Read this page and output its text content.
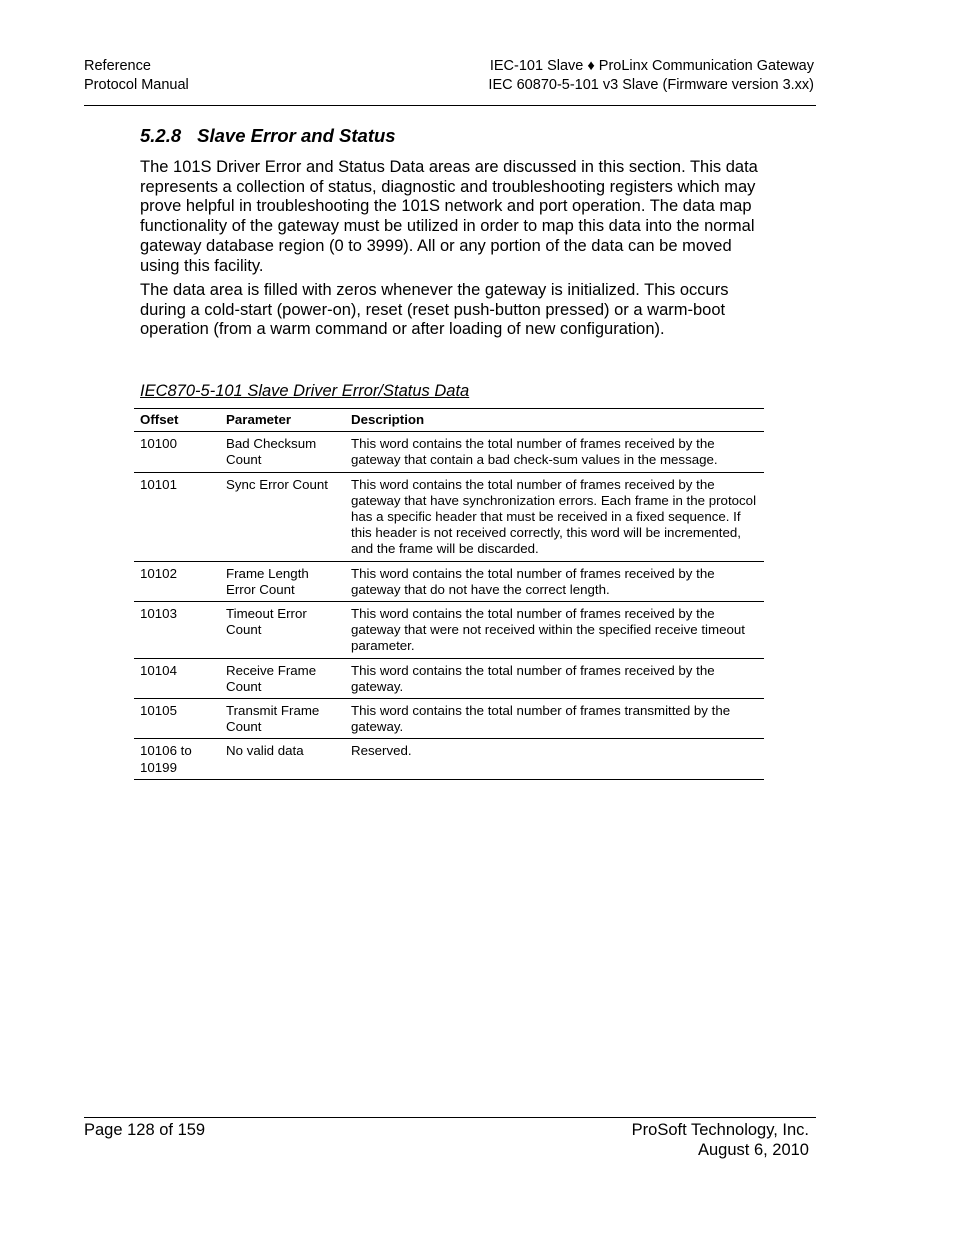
Reference
Protocol Manual
IEC-101 Slave ♦ ProLinx Communication Gateway
IEC 60870-5-101 v3 Slave (Firmware version 3.xx)
5.2.8 Slave Error and Status

The 101S Driver Error and Status Data areas are discussed in this section. This data represents a collection of status, diagnostic and troubleshooting registers which may prove helpful in troubleshooting the 101S network and port operation. The data map functionality of the gateway must be utilized in order to map this data into the normal gateway database region (0 to 3999). All or any portion of the data can be moved using this facility.

The data area is filled with zeros whenever the gateway is initialized. This occurs during a cold-start (power-on), reset (reset push-button pressed) or a warm-boot operation (from a warm command or after loading of new configuration).

IEC870-5-101 Slave Driver Error/Status Data

Offset	Parameter	Description
10100	Bad Checksum Count	This word contains the total number of frames received by the gateway that contain a bad check-sum values in the message.
10101	Sync Error Count	This word contains the total number of frames received by the gateway that have synchronization errors. Each frame in the protocol has a specific header that must be received in a fixed sequence. If this header is not received correctly, this word will be incremented, and the frame will be discarded.
10102	Frame Length Error Count	This word contains the total number of frames received by the gateway that do not have the correct length.
10103	Timeout Error Count	This word contains the total number of frames received by the gateway that were not received within the specified receive timeout parameter.
10104	Receive Frame Count	This word contains the total number of frames received by the gateway.
10105	Transmit Frame Count	This word contains the total number of frames transmitted by the gateway.
10106 to 10199	No valid data	Reserved.
Page 128 of 159	ProSoft Technology, Inc.
August 6, 2010
